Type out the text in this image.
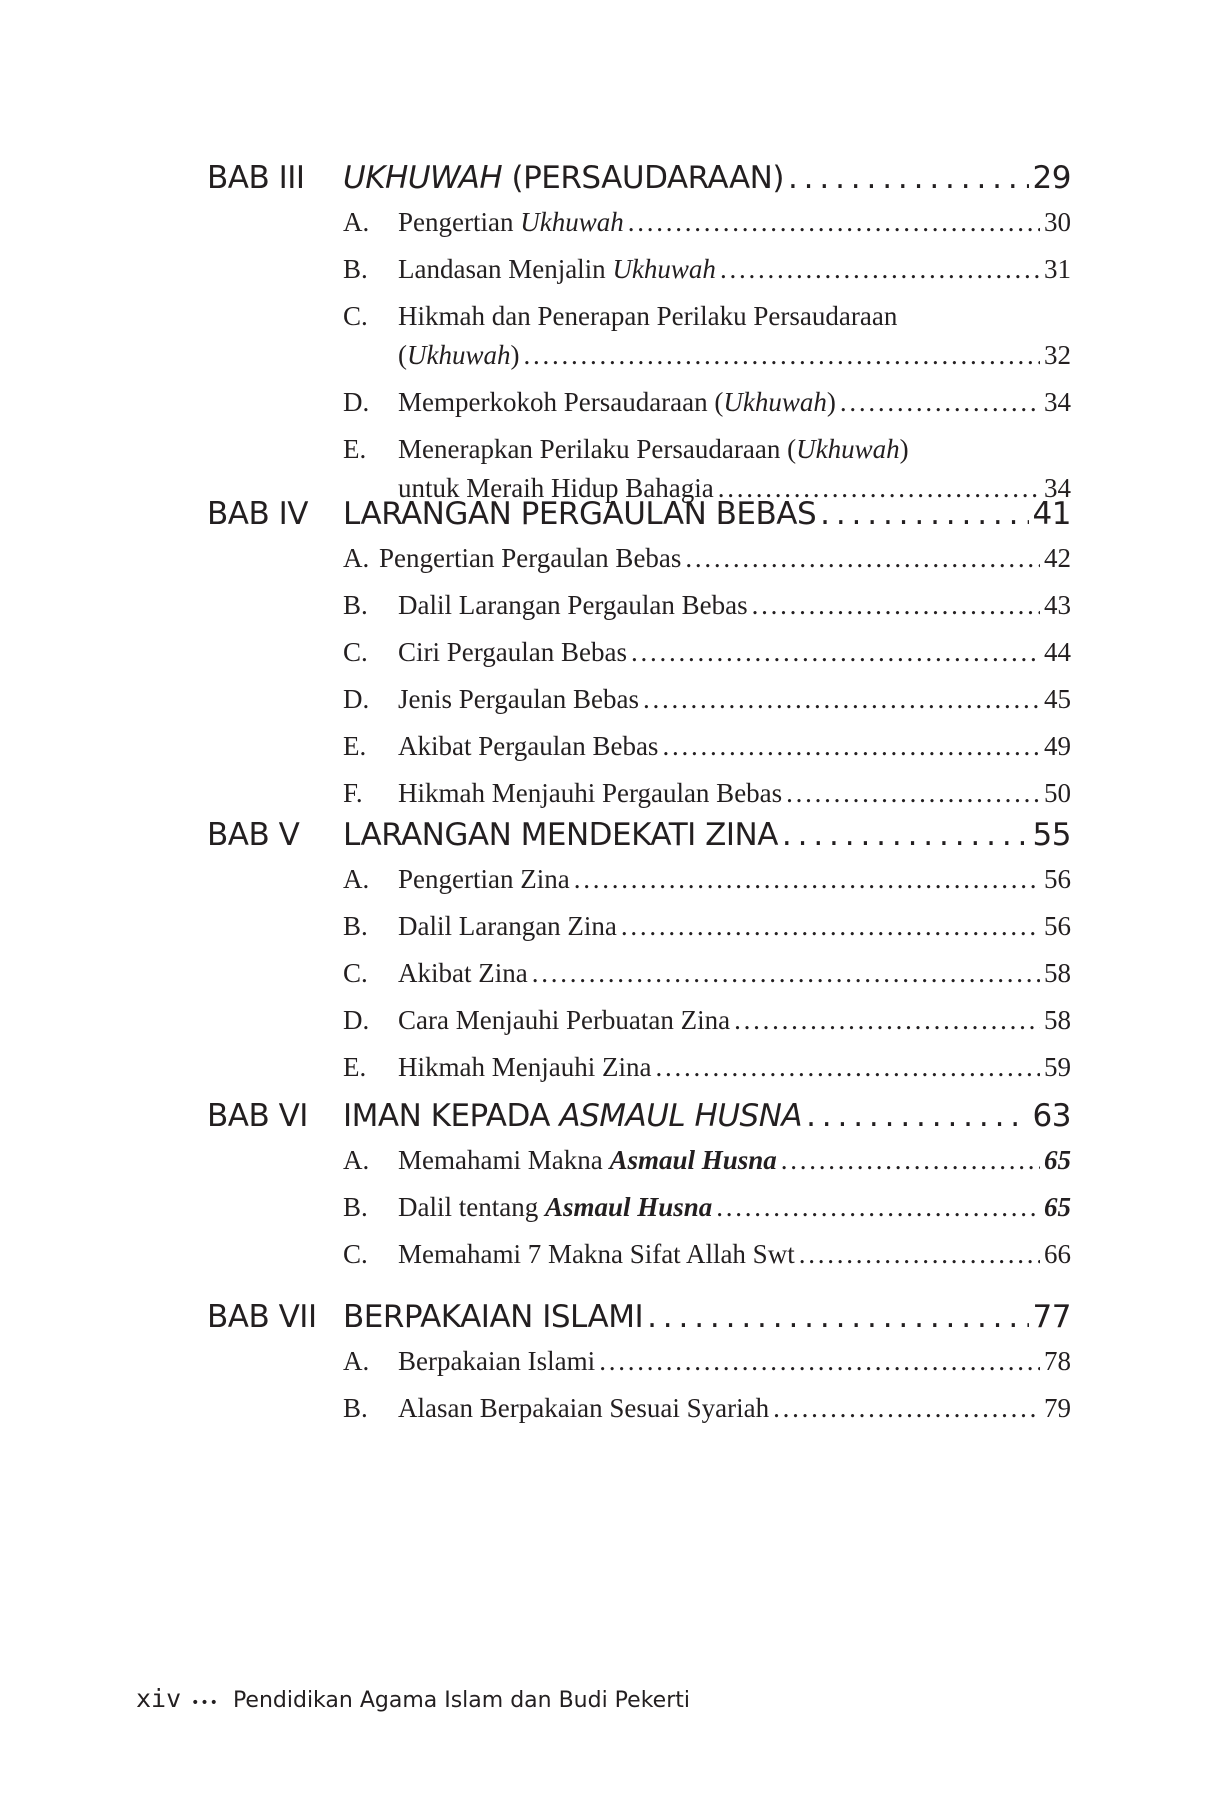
BAB III UKHUWAH (PERSAUDARAAN) . . .	29
A. Pengertian Ukhuwah . . .	30
B. Landasan Menjalin Ukhuwah . . .	31
C. Hikmah dan Penerapan Perilaku Persaudaraan
(Ukhuwah) . . .	32
D. Memperkokoh Persaudaraan (Ukhuwah) . . .	34
E. Menerapkan Perilaku Persaudaraan (Ukhuwah)
untuk Meraih Hidup Bahagia . . .	34
BAB IV LARANGAN PERGAULAN BEBAS . . .	41
A. Pengertian Pergaulan Bebas . . .	42
B. Dalil Larangan Pergaulan Bebas . . .	43
C. Ciri Pergaulan Bebas . . .	44
D. Jenis Pergaulan Bebas . . .	45
E. Akibat Pergaulan Bebas . . .	49
F. Hikmah Menjauhi Pergaulan Bebas . . .	50
BAB V LARANGAN MENDEKATI ZINA . . .	55
A. Pengertian Zina . . .	56
B. Dalil Larangan Zina . . .	56
C. Akibat Zina . . .	58
D. Cara Menjauhi Perbuatan Zina . . .	58
E. Hikmah Menjauhi Zina . . .	59
BAB VI IMAN KEPADA ASMAUL HUSNA . . .	63
A. Memahami Makna Asmaul Husna . . .	65
B. Dalil tentang Asmaul Husna . . .	65
C. Memahami 7 Makna Sifat Allah Swt . . .	66
BAB VII BERPAKAIAN ISLAMI . . .	77
A. Berpakaian Islami . . .	78
B. Alasan Berpakaian Sesuai Syariah . . .	79
xiv ••• Pendidikan Agama Islam dan Budi Pekerti
